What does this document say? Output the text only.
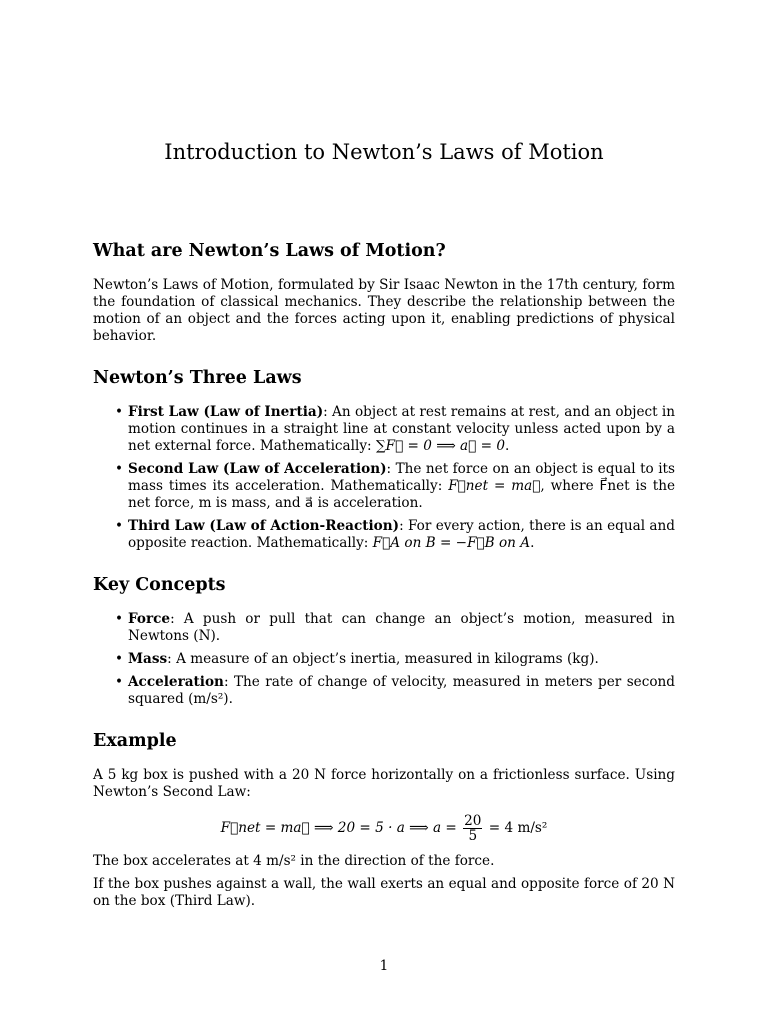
Introduction to Newton’s Laws of Motion
What are Newton’s Laws of Motion?

Newton’s Laws of Motion, formulated by Sir Isaac Newton in the 17th century, form the foundation of classical mechanics. They describe the relationship between the motion of an object and the forces acting upon it, enabling predictions of physical behavior.

Newton’s Three Laws
• First Law (Law of Inertia): An object at rest remains at rest, and an object in motion continues in a straight line at constant velocity unless acted upon by a net external force. Mathematically: ∑F⃗ = 0 ⟹ a⃗ = 0.
• Second Law (Law of Acceleration): The net force on an object is equal to its mass times its acceleration. Mathematically: F⃗net = ma⃗, where F⃗net is the net force, m is mass, and a⃗ is acceleration.
• Third Law (Law of Action-Reaction): For every action, there is an equal and opposite reaction. Mathematically: F⃗A on B = −F⃗B on A.
Key Concepts
• Force: A push or pull that can change an object’s motion, measured in Newtons (N).
• Mass: A measure of an object’s inertia, measured in kilograms (kg).
• Acceleration: The rate of change of velocity, measured in meters per second squared (m/s²).
Example

A 5 kg box is pushed with a 20 N force horizontally on a frictionless surface. Using Newton’s Second Law:

F⃗net = ma⃗ ⟹ 20 = 5 · a ⟹ $a = \frac{20}{5} = 4$ m/s²

The box accelerates at 4 m/s² in the direction of the force.

If the box pushes against a wall, the wall exerts an equal and opposite force of 20 N on the box (Third Law).

1
